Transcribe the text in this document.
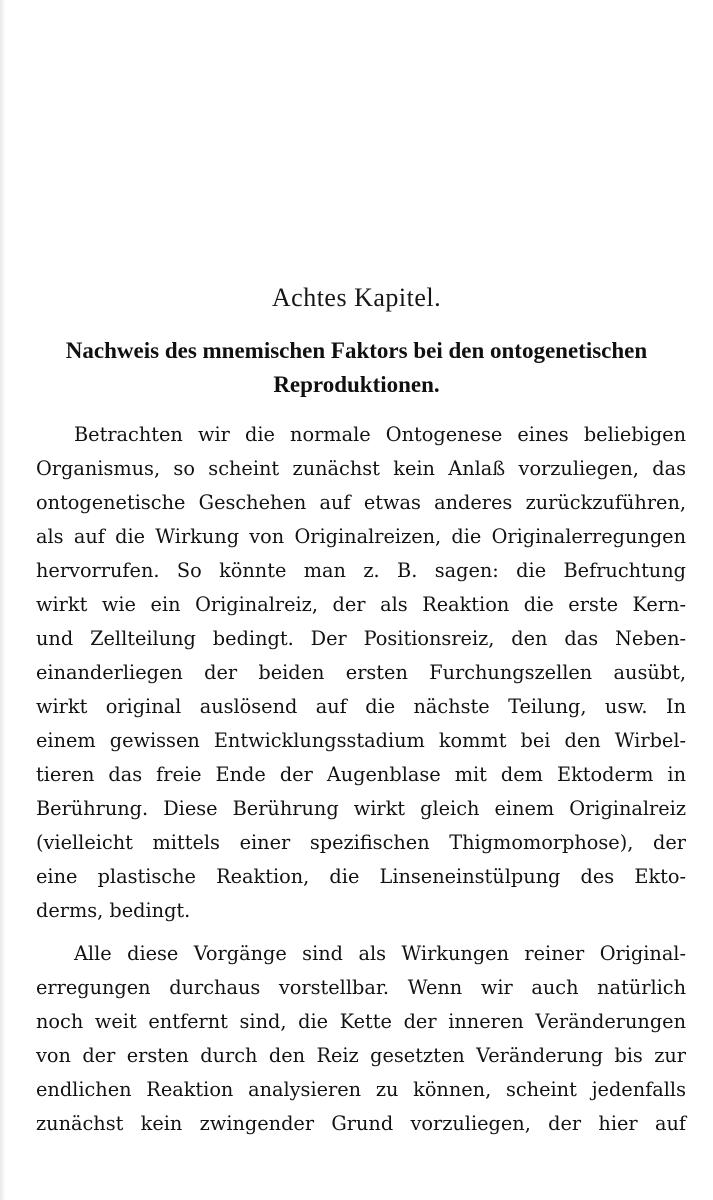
Achtes Kapitel.
Nachweis des mnemischen Faktors bei den ontogenetischen
Reproduktionen.
Betrachten wir die normale Ontogenese eines beliebigen
Organismus, so scheint zunächst kein Anlaß vorzuliegen, das
ontogenetische Geschehen auf etwas anderes zurückzuführen,
als auf die Wirkung von Originalreizen, die Originalerregungen
hervorrufen. So könnte man z. B. sagen: die Befruchtung
wirkt wie ein Originalreiz, der als Reaktion die erste Kern-
und Zellteilung bedingt. Der Positionsreiz, den das Neben-
einanderliegen der beiden ersten Furchungszellen ausübt,
wirkt original auslösend auf die nächste Teilung, usw. In
einem gewissen Entwicklungsstadium kommt bei den Wirbel-
tieren das freie Ende der Augenblase mit dem Ektoderm in
Berührung. Diese Berührung wirkt gleich einem Originalreiz
(vielleicht mittels einer spezifischen Thigmomorphose), der
eine plastische Reaktion, die Linseneinstülpung des Ekto-
derms, bedingt.
Alle diese Vorgänge sind als Wirkungen reiner Original-
erregungen durchaus vorstellbar. Wenn wir auch natürlich
noch weit entfernt sind, die Kette der inneren Veränderungen
von der ersten durch den Reiz gesetzten Veränderung bis zur
endlichen Reaktion analysieren zu können, scheint jedenfalls
zunächst kein zwingender Grund vorzuliegen, der hier auf
